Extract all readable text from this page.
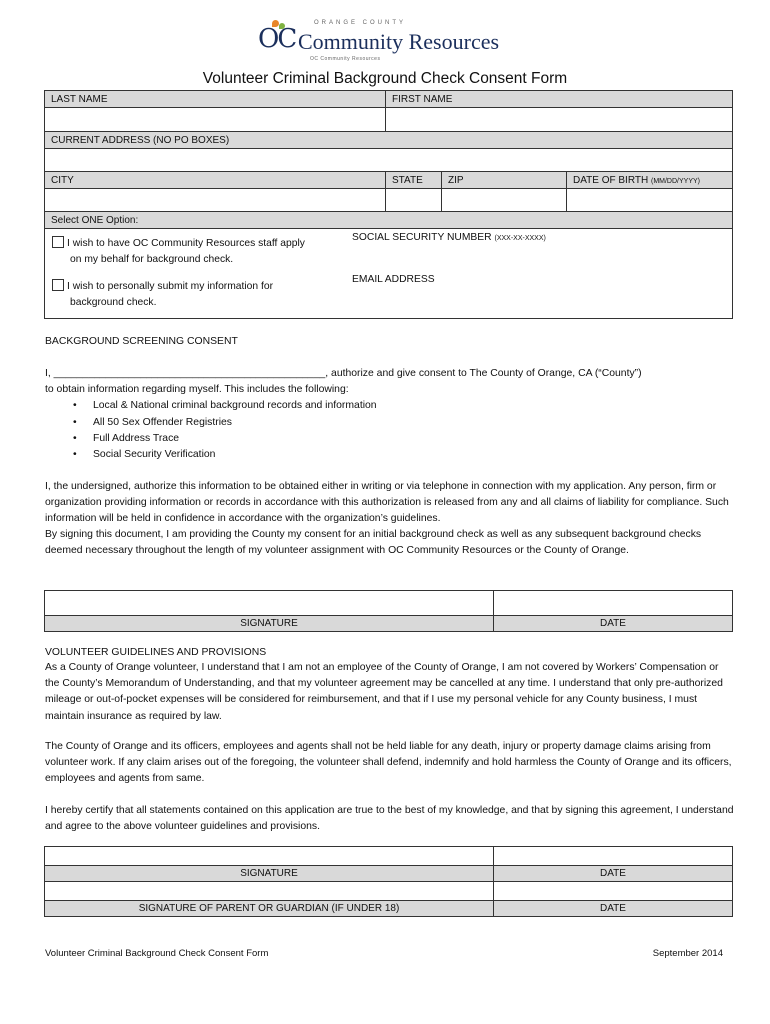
ORANGE COUNTY
OC Community Resources
OC Community Resources
Volunteer Criminal Background Check Consent Form
LAST NAME	FIRST NAME		

CURRENT ADDRESS (NO PO BOXES)			

CITY	STATE	ZIP	DATE OF BIRTH (MM/DD/YYYY)

Select ONE Option:			

I wish to have OC Community Resources staff apply
on my behalf for background check.
I wish to personally submit my information for
background check.
SOCIAL SECURITY NUMBER (XXX-XX-XXXX)
EMAIL ADDRESS
BACKGROUND SCREENING CONSENT
I, _______________________________________________, authorize and give consent to The County of Orange, CA (“County”)
to obtain information regarding myself. This includes the following:
• Local & National criminal background records and information
• All 50 Sex Offender Registries
• Full Address Trace
• Social Security Verification
I, the undersigned, authorize this information to be obtained either in writing or via telephone in connection with my application. Any person, firm or organization providing information or records in accordance with this authorization is released from any and all claims of liability for compliance. Such information will be held in confidence in accordance with the organization’s guidelines.
By signing this document, I am providing the County my consent for an initial background check as well as any subsequent background checks deemed necessary throughout the length of my volunteer assignment with OC Community Resources or the County of Orange.

SIGNATURE	DATE
VOLUNTEER GUIDELINES AND PROVISIONS
As a County of Orange volunteer, I understand that I am not an employee of the County of Orange, I am not covered by Workers’ Compensation or the County’s Memorandum of Understanding, and that my volunteer agreement may be cancelled at any time. I understand that only pre-authorized mileage or out-of-pocket expenses will be considered for reimbursement, and that if I use my personal vehicle for any County business, I must maintain insurance as required by law.
The County of Orange and its officers, employees and agents shall not be held liable for any death, injury or property damage claims arising from volunteer work. If any claim arises out of the foregoing, the volunteer shall defend, indemnify and hold harmless the County of Orange and its officers, employees and agents from same.
I hereby certify that all statements contained on this application are true to the best of my knowledge, and that by signing this agreement, I understand and agree to the above volunteer guidelines and provisions.

SIGNATURE	DATE

SIGNATURE OF PARENT OR GUARDIAN (IF UNDER 18)	DATE
Volunteer Criminal Background Check Consent Form	September 2014
